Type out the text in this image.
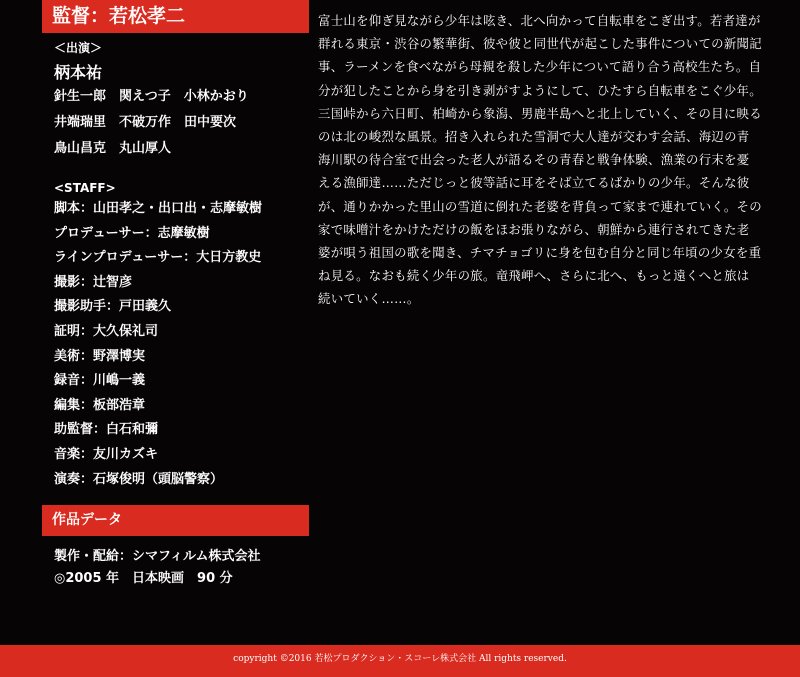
監督：若松孝二
＜出演＞
柄本祐
針生一郎　関えつ子　小林かおり
井端瑞里　不破万作　田中要次
鳥山昌克　丸山厚人
<STAFF>
脚本：山田孝之・出口出・志摩敏樹
プロデューサー：志摩敏樹
ラインプロデューサー：大日方教史
撮影：辻智彦
撮影助手：戸田義久
証明：大久保礼司
美術：野澤博実
録音：川嶋一義
編集：板部浩章
助監督：白石和彌
音楽：友川カズキ
演奏：石塚俊明（頭脳警察）
作品データ
製作・配給：シマフィルム株式会社
◎2005 年　日本映画　90 分
富士山を仰ぎ見ながら少年は呟き、北へ向かって自転車をこぎ出す。若者達が群れる東京・渋谷の繁華街、彼や彼と同世代が起こした事件についての新聞記事、ラーメンを食べながら母親を殺した少年について語り合う高校生たち。自分が犯したことから身を引き剥がすようにして、ひたすら自転車をこぐ少年。三国峠から六日町、柏崎から象潟、男鹿半島へと北上していく、その目に映るのは北の峻烈な風景。招き入れられた雪洞で大人達が交わす会話、海辺の青海川駅の待合室で出会った老人が語るその青春と戦争体験、漁業の行末を憂える漁師達……ただじっと彼等話に耳をそば立てるばかりの少年。そんな彼が、通りかかった里山の雪道に倒れた老婆を背負って家まで連れていく。その家で味噌汁をかけただけの飯をほお張りながら、朝鮮から連行されてきた老婆が唄う祖国の歌を聞き、チマチョゴリに身を包む自分と同じ年頃の少女を重ね見る。なおも続く少年の旅。竜飛岬へ、さらに北へ、もっと遠くへと旅は続いていく……。
copyright ©2016 若松プロダクション・スコーレ株式会社 All rights reserved.
